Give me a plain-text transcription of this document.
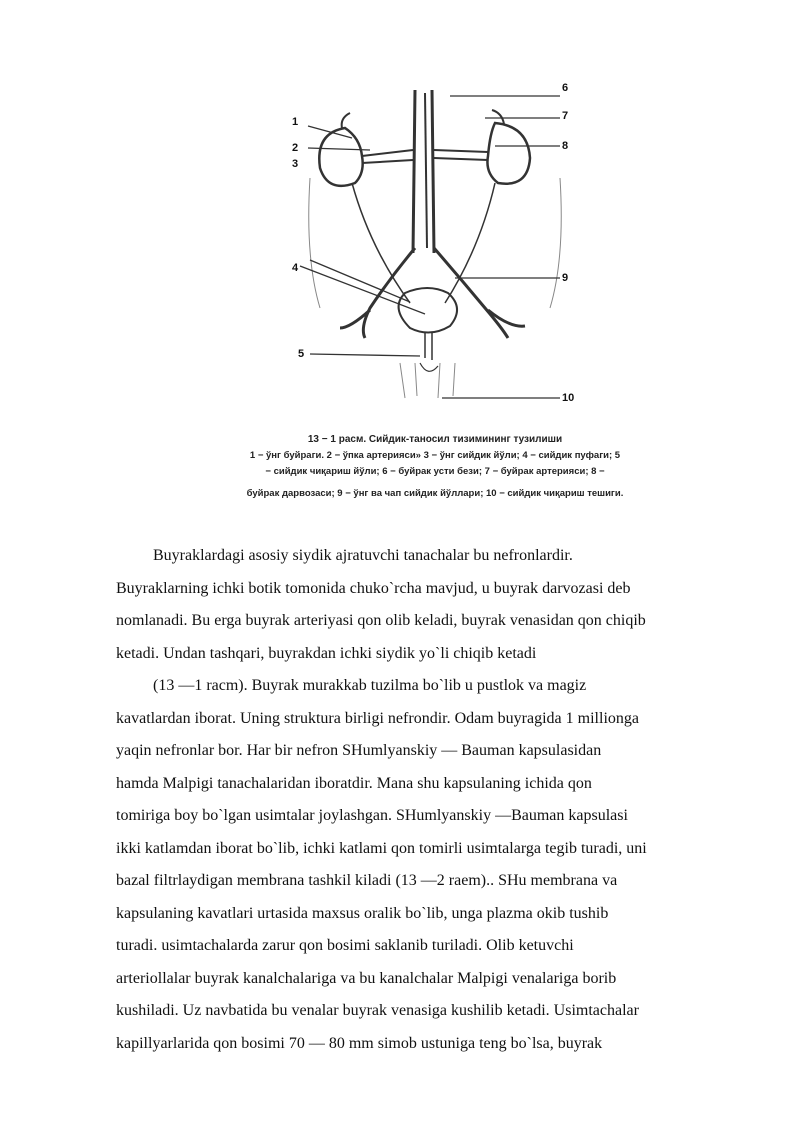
1
2
3
4
5
6
7
8
9
10
13 − 1 расм. Сийдик-таносил тизимининг тузилиши
1 − ўнг буйраги. 2 − ўпка артерияси» 3 − ўнг сийдик йўли; 4 − сийдик пуфаги; 5
− сийдик чиқариш йўли; 6 − буйрак усти бези; 7 − буйрак артерияси; 8 −
буйрак дарвозаси; 9 − ўнг ва чап сийдик йўллари; 10 − сийдик чиқариш тешиги.
Buyraklardagi asosiy siydik ajratuvchi tanachalar bu nefronlardir.
Buyraklarning ichki botik tomonida chuko`rcha mavjud, u buyrak darvozasi deb
nomlanadi. Bu erga buyrak arteriyasi qon olib keladi, buyrak venasidan qon chiqib
ketadi. Undan tashqari, buyrakdan ichki siydik yo`li chiqib ketadi
(13 —1 racm). Buyrak murakkab tuzilma bo`lib u pustlok va magiz
kavatlardan iborat. Uning struktura birligi nefrondir. Odam buyragida 1 millionga
yaqin nefronlar bor. Har bir nefron SHumlyanskiy — Bauman kapsulasidan
hamda Malpigi tanachalaridan iboratdir. Mana shu kapsulaning ichida qon
tomiriga boy bo`lgan usimtalar joylashgan. SHumlyanskiy —Bauman kapsulasi
ikki katlamdan iborat bo`lib, ichki katlami qon tomirli usimtalarga tegib turadi, uni
bazal filtrlaydigan membrana tashkil kiladi (13 —2 raem).. SHu membrana va
kapsulaning kavatlari urtasida maxsus oralik bo`lib, unga plazma okib tushib
turadi. usimtachalarda zarur qon bosimi saklanib turiladi. Olib ketuvchi
arteriollalar buyrak kanalchalariga va bu kanalchalar Malpigi venalariga borib
kushiladi. Uz navbatida bu venalar buyrak venasiga kushilib ketadi. Usimtachalar
kapillyarlarida qon bosimi 70 — 80 mm simob ustuniga teng bo`lsa, buyrak
